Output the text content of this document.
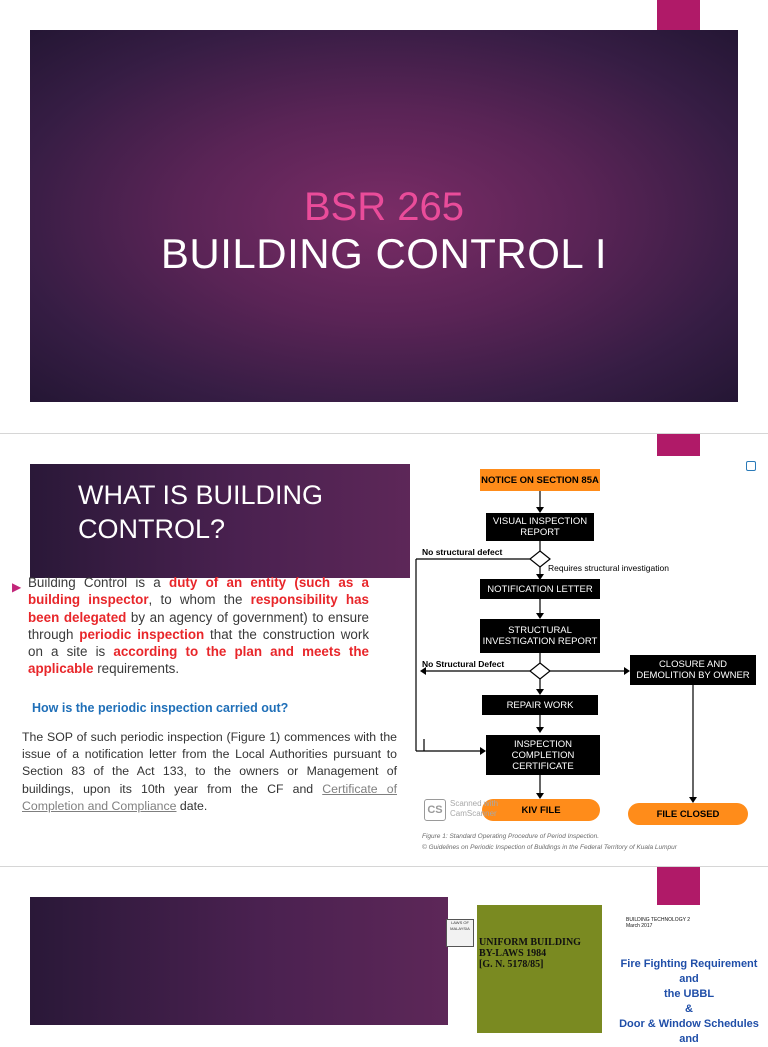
BSR 265
BUILDING CONTROL I
WHAT IS BUILDING
CONTROL?
▶ Building Control is a duty of an entity (such as a building inspector, to whom the responsibility has been delegated by an agency of government) to ensure through periodic inspection that the construction work on a site is according to the plan and meets the applicable requirements.
How is the periodic inspection carried out?
The SOP of such periodic inspection (Figure 1) commences with the issue of a notification letter from the Local Authorities pursuant to Section 83 of the Act 133, to the owners or Management of buildings, upon its 10th year from the CF and Certificate of Completion and Compliance date.
NOTICE ON SECTION 85A
VISUAL INSPECTION REPORT
No structural defect
Requires structural investigation
NOTIFICATION LETTER
STRUCTURAL INVESTIGATION REPORT
No Structural Defect	CLOSURE AND DEMOLITION BY OWNER
REPAIR WORK
INSPECTION COMPLETION CERTIFICATE
KIV FILE	FILE CLOSED
CS
Scanned with
CamScanner
Figure 1: Standard Operating Procedure of Period Inspection.
© Guidelines on Periodic Inspection of Buildings in the Federal Territory of Kuala Lumpur
LAWS OF MALAYSIA
UNIFORM BUILDING
BY-LAWS 1984
[G. N. 5178/85]
BUILDING TECHNOLOGY 2
March 2017
Fire Fighting Requirement and
the UBBL
&
Door & Window Schedules and
